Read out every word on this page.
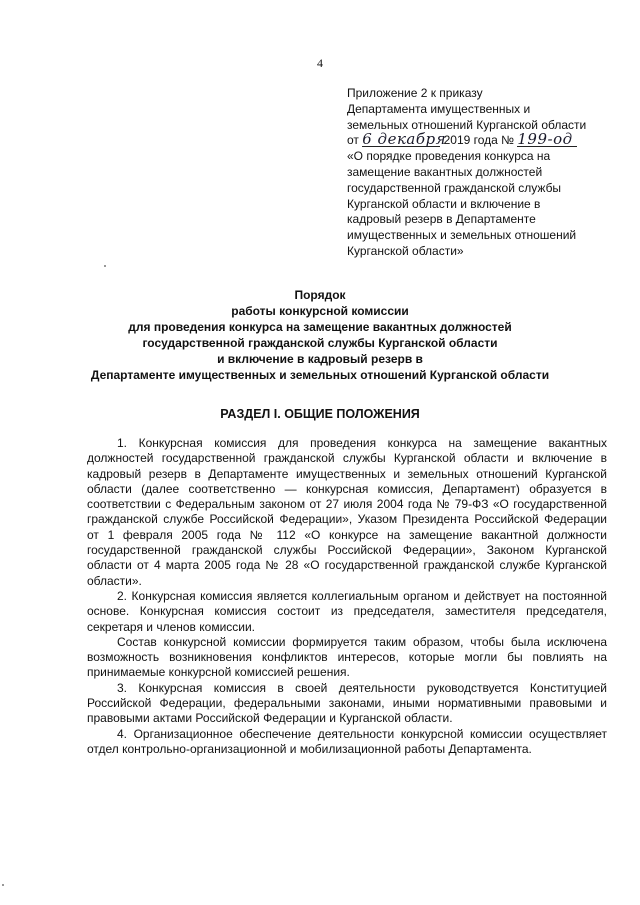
4
Приложение 2 к приказу
Департамента имущественных и
земельных отношений Курганской области
от 6 декабря 2019 года № 199-од
«О порядке проведения конкурса на
замещение вакантных должностей
государственной гражданской службы
Курганской области и включение в
кадровый резерв в Департаменте
имущественных и земельных отношений
Курганской области»
Порядок
работы конкурсной комиссии
для проведения конкурса на замещение вакантных должностей
государственной гражданской службы Курганской области
и включение в кадровый резерв в
Департаменте имущественных и земельных отношений Курганской области
РАЗДЕЛ I. ОБЩИЕ ПОЛОЖЕНИЯ

1. Конкурсная комиссия для проведения конкурса на замещение вакантных должностей государственной гражданской службы Курганской области и включение в кадровый резерв в Департаменте имущественных и земельных отношений Курганской области (далее соответственно — конкурсная комиссия, Департамент) образуется в соответствии с Федеральным законом от 27 июля 2004 года № 79-ФЗ «О государственной гражданской службе Российской Федерации», Указом Президента Российской Федерации от 1 февраля 2005 года № 112 «О конкурсе на замещение вакантной должности государственной гражданской службы Российской Федерации», Законом Курганской области от 4 марта 2005 года № 28 «О государственной гражданской службе Курганской области».

2. Конкурсная комиссия является коллегиальным органом и действует на постоянной основе. Конкурсная комиссия состоит из председателя, заместителя председателя, секретаря и членов комиссии.

Состав конкурсной комиссии формируется таким образом, чтобы была исключена возможность возникновения конфликтов интересов, которые могли бы повлиять на принимаемые конкурсной комиссией решения.

3. Конкурсная комиссия в своей деятельности руководствуется Конституцией Российской Федерации, федеральными законами, иными нормативными правовыми и правовыми актами Российской Федерации и Курганской области.

4. Организационное обеспечение деятельности конкурсной комиссии осуществляет отдел контрольно-организационной и мобилизационной работы Департамента.
